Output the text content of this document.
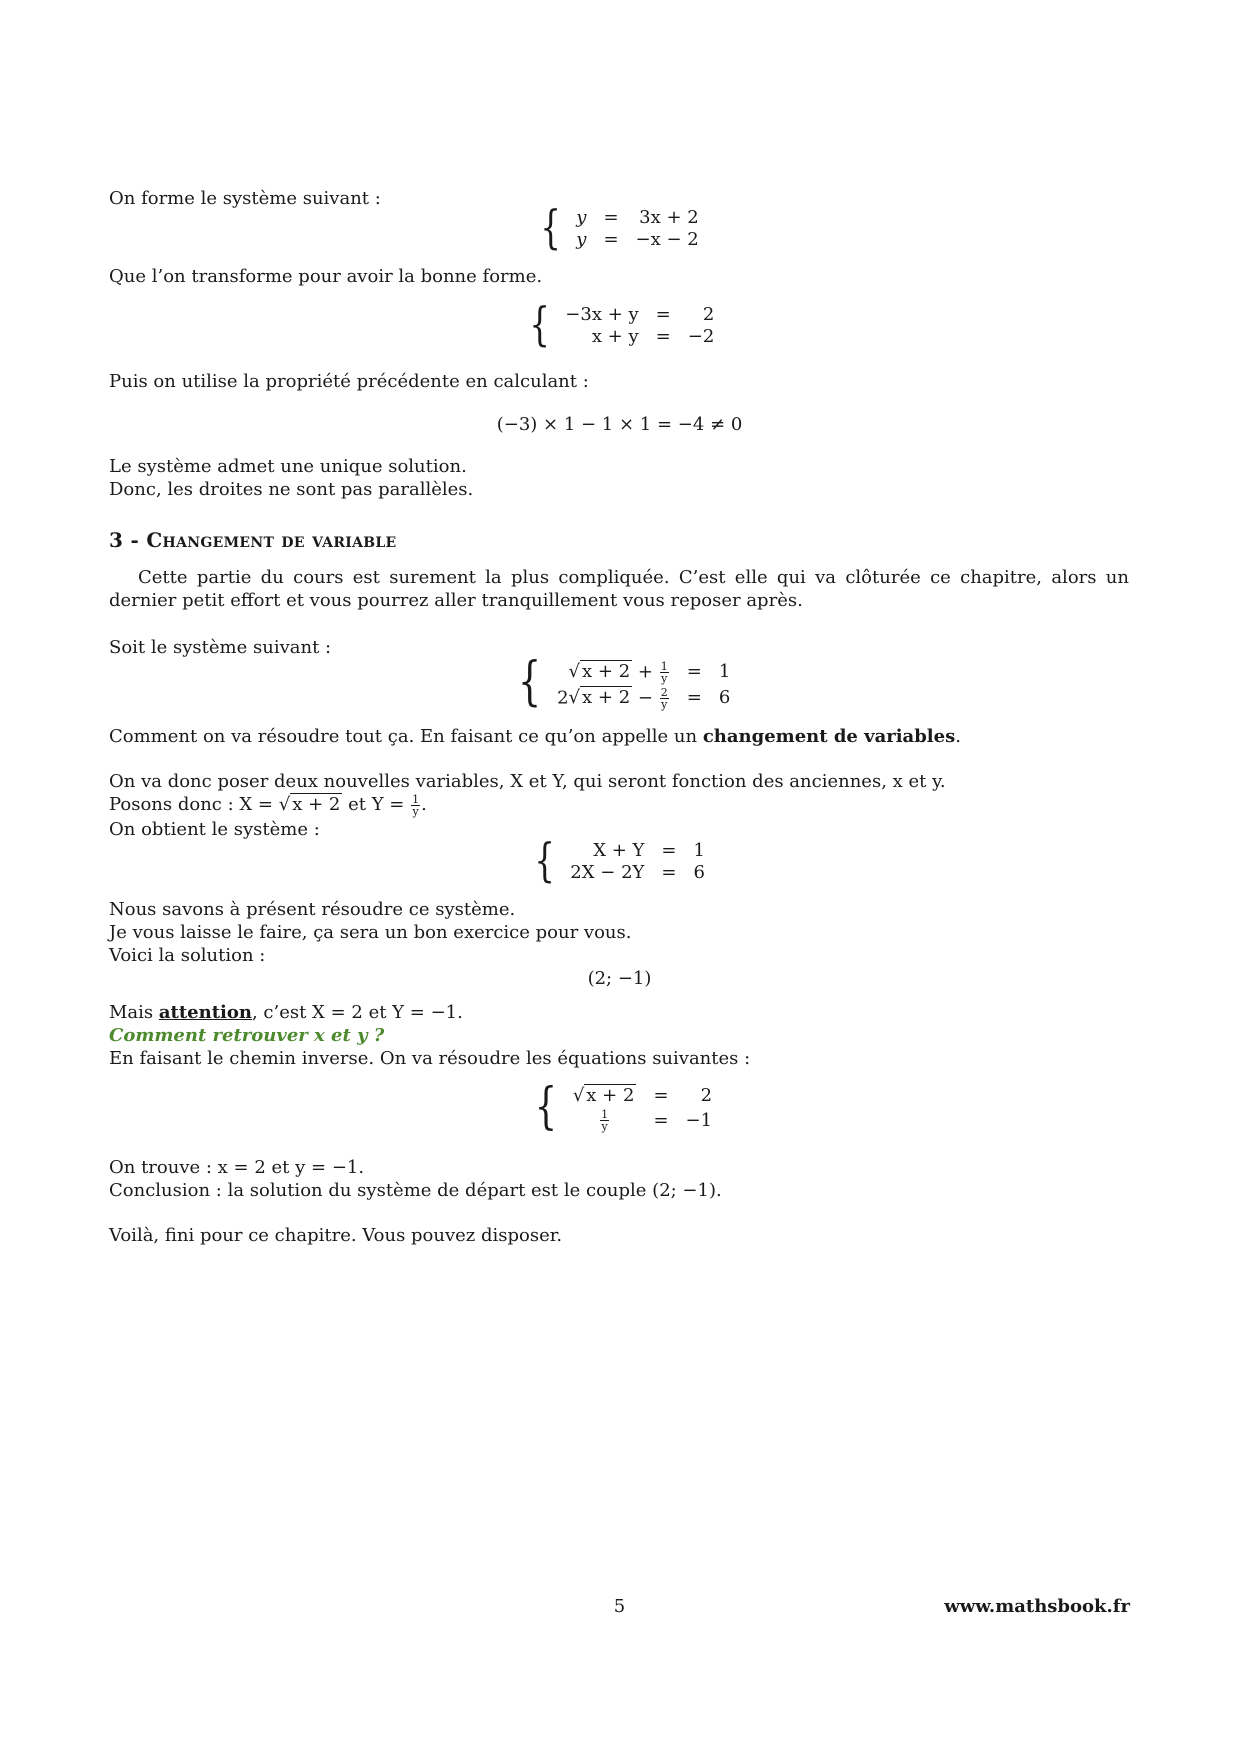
On forme le système suivant :
{ y	=	3x + 2
y	=	−x − 2
Que l’on transforme pour avoir la bonne forme.
{ −3x + y	=	2
x + y	=	−2
Puis on utilise la propriété précédente en calculant :
(−3) × 1 − 1 × 1 = −4 ≠ 0
Le système admet une unique solution.
Donc, les droites ne sont pas parallèles.
3 - Changement de variable
Cette partie du cours est surement la plus compliquée. C’est elle qui va clôturée ce chapitre, alors un dernier petit effort et vous pourrez aller tranquillement vous reposer après.
Soit le système suivant :
{ √ $x + 2 + \frac{1}{y}$	=	1
2√ $x + 2 - \frac{2}{y}$	=	6
Comment on va résoudre tout ça. En faisant ce qu’on appelle un changement de variables.
On va donc poser deux nouvelles variables, X et Y, qui seront fonction des anciennes, x et y.
Posons donc : X = √ x + 2 et $Y = \frac{1}{y}$ .
On obtient le système :
{ X + Y	=	1
2X − 2Y	=	6
Nous savons à présent résoudre ce système.
Je vous laisse le faire, ça sera un bon exercice pour vous.
Voici la solution :
(2; −1)
Mais attention, c’est X = 2 et Y = −1.
Comment retrouver x et y ?
En faisant le chemin inverse. On va résoudre les équations suivantes :
{ √ x + 2	=	2

$\frac{1}{y}$	=	−1
On trouve : x = 2 et y = −1.
Conclusion : la solution du système de départ est le couple (2; −1).
Voilà, fini pour ce chapitre. Vous pouvez disposer.
5	www.mathsbook.fr
